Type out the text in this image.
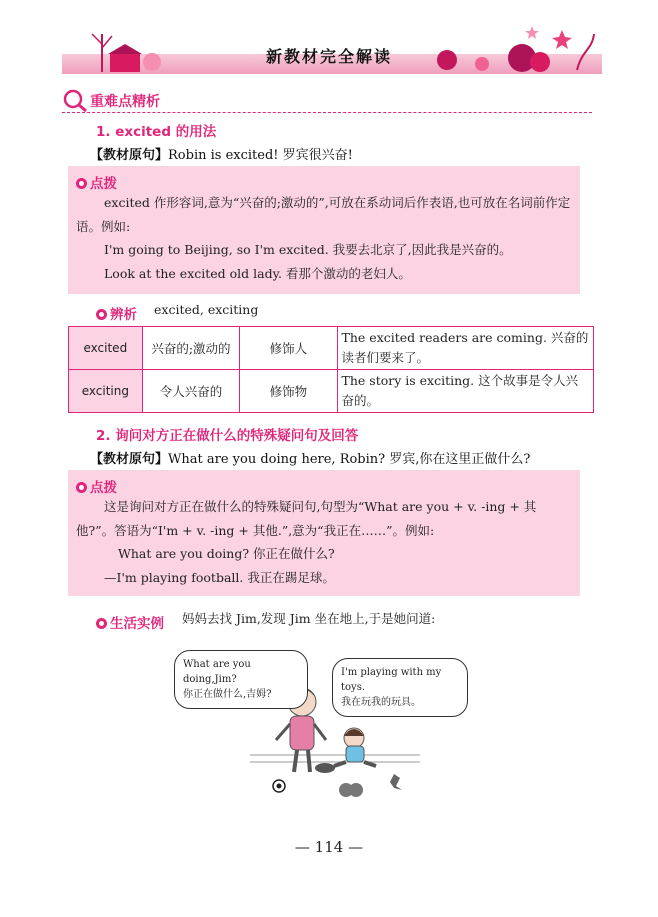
新教材完全解读
重难点精析
1. excited 的用法
【教材原句】Robin is excited! 罗宾很兴奋!
点拨
excited 作形容词,意为“兴奋的;激动的”,可放在系动词后作表语,也可放在名词前作定语。例如:
I'm going to Beijing, so I'm excited. 我要去北京了,因此我是兴奋的。
Look at the excited old lady. 看那个激动的老妇人。
辨析 excited, exciting
excited	兴奋的;激动的	修饰人	The excited readers are coming. 兴奋的读者们要来了。
exciting	令人兴奋的	修饰物	The story is exciting. 这个故事是令人兴奋的。
2. 询问对方正在做什么的特殊疑问句及回答
【教材原句】What are you doing here, Robin? 罗宾,你在这里正做什么?
点拨
这是询问对方正在做什么的特殊疑问句,句型为“What are you + v. -ing + 其他?”。答语为“I'm + v. -ing + 其他.”,意为“我正在……”。例如:
What are you doing? 你正在做什么?
—I'm playing football. 我正在踢足球。
生活实例 妈妈去找 Jim,发现 Jim 坐在地上,于是她问道:
What are you doing,Jim?
你正在做什么,吉姆?
I'm playing with my toys.
我在玩我的玩具。
— 114 —
